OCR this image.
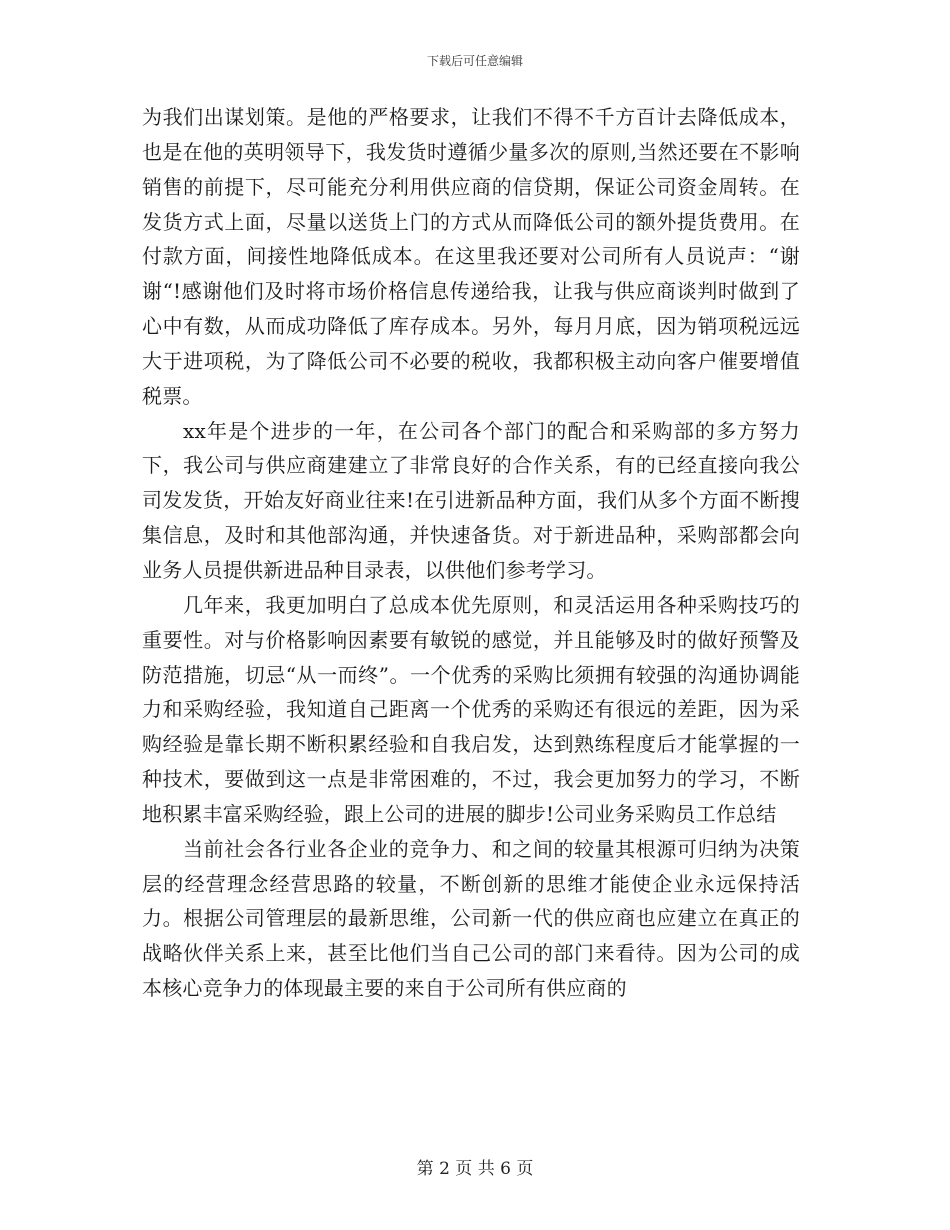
下载后可任意编辑

为我们出谋划策。是他的严格要求，让我们不得不千方百计去降低成本，也是在他的英明领导下，我发货时遵循少量多次的原则,当然还要在不影响销售的前提下，尽可能充分利用供应商的信贷期，保证公司资金周转。在发货方式上面，尽量以送货上门的方式从而降低公司的额外提货费用。在付款方面，间接性地降低成本。在这里我还要对公司所有人员说声：“谢谢“!感谢他们及时将市场价格信息传递给我，让我与供应商谈判时做到了心中有数，从而成功降低了库存成本。另外，每月月底，因为销项税远远大于进项税，为了降低公司不必要的税收，我都积极主动向客户催要增值税票。

xx年是个进步的一年，在公司各个部门的配合和采购部的多方努力下，我公司与供应商建建立了非常良好的合作关系，有的已经直接向我公司发发货，开始友好商业往来!在引进新品种方面，我们从多个方面不断搜集信息，及时和其他部沟通，并快速备货。对于新进品种，采购部都会向业务人员提供新进品种目录表，以供他们参考学习。

几年来，我更加明白了总成本优先原则，和灵活运用各种采购技巧的重要性。对与价格影响因素要有敏锐的感觉，并且能够及时的做好预警及防范措施，切忌“从一而终”。一个优秀的采购比须拥有较强的沟通协调能力和采购经验，我知道自己距离一个优秀的采购还有很远的差距，因为采购经验是靠长期不断积累经验和自我启发，达到熟练程度后才能掌握的一种技术，要做到这一点是非常困难的，不过，我会更加努力的学习，不断地积累丰富采购经验，跟上公司的进展的脚步!公司业务采购员工作总结

当前社会各行业各企业的竞争力、和之间的较量其根源可归纳为决策层的经营理念经营思路的较量，不断创新的思维才能使企业永远保持活力。根据公司管理层的最新思维，公司新一代的供应商也应建立在真正的战略伙伴关系上来，甚至比他们当自己公司的部门来看待。因为公司的成本核心竞争力的体现最主要的来自于公司所有供应商的

第 2 页 共 6 页
